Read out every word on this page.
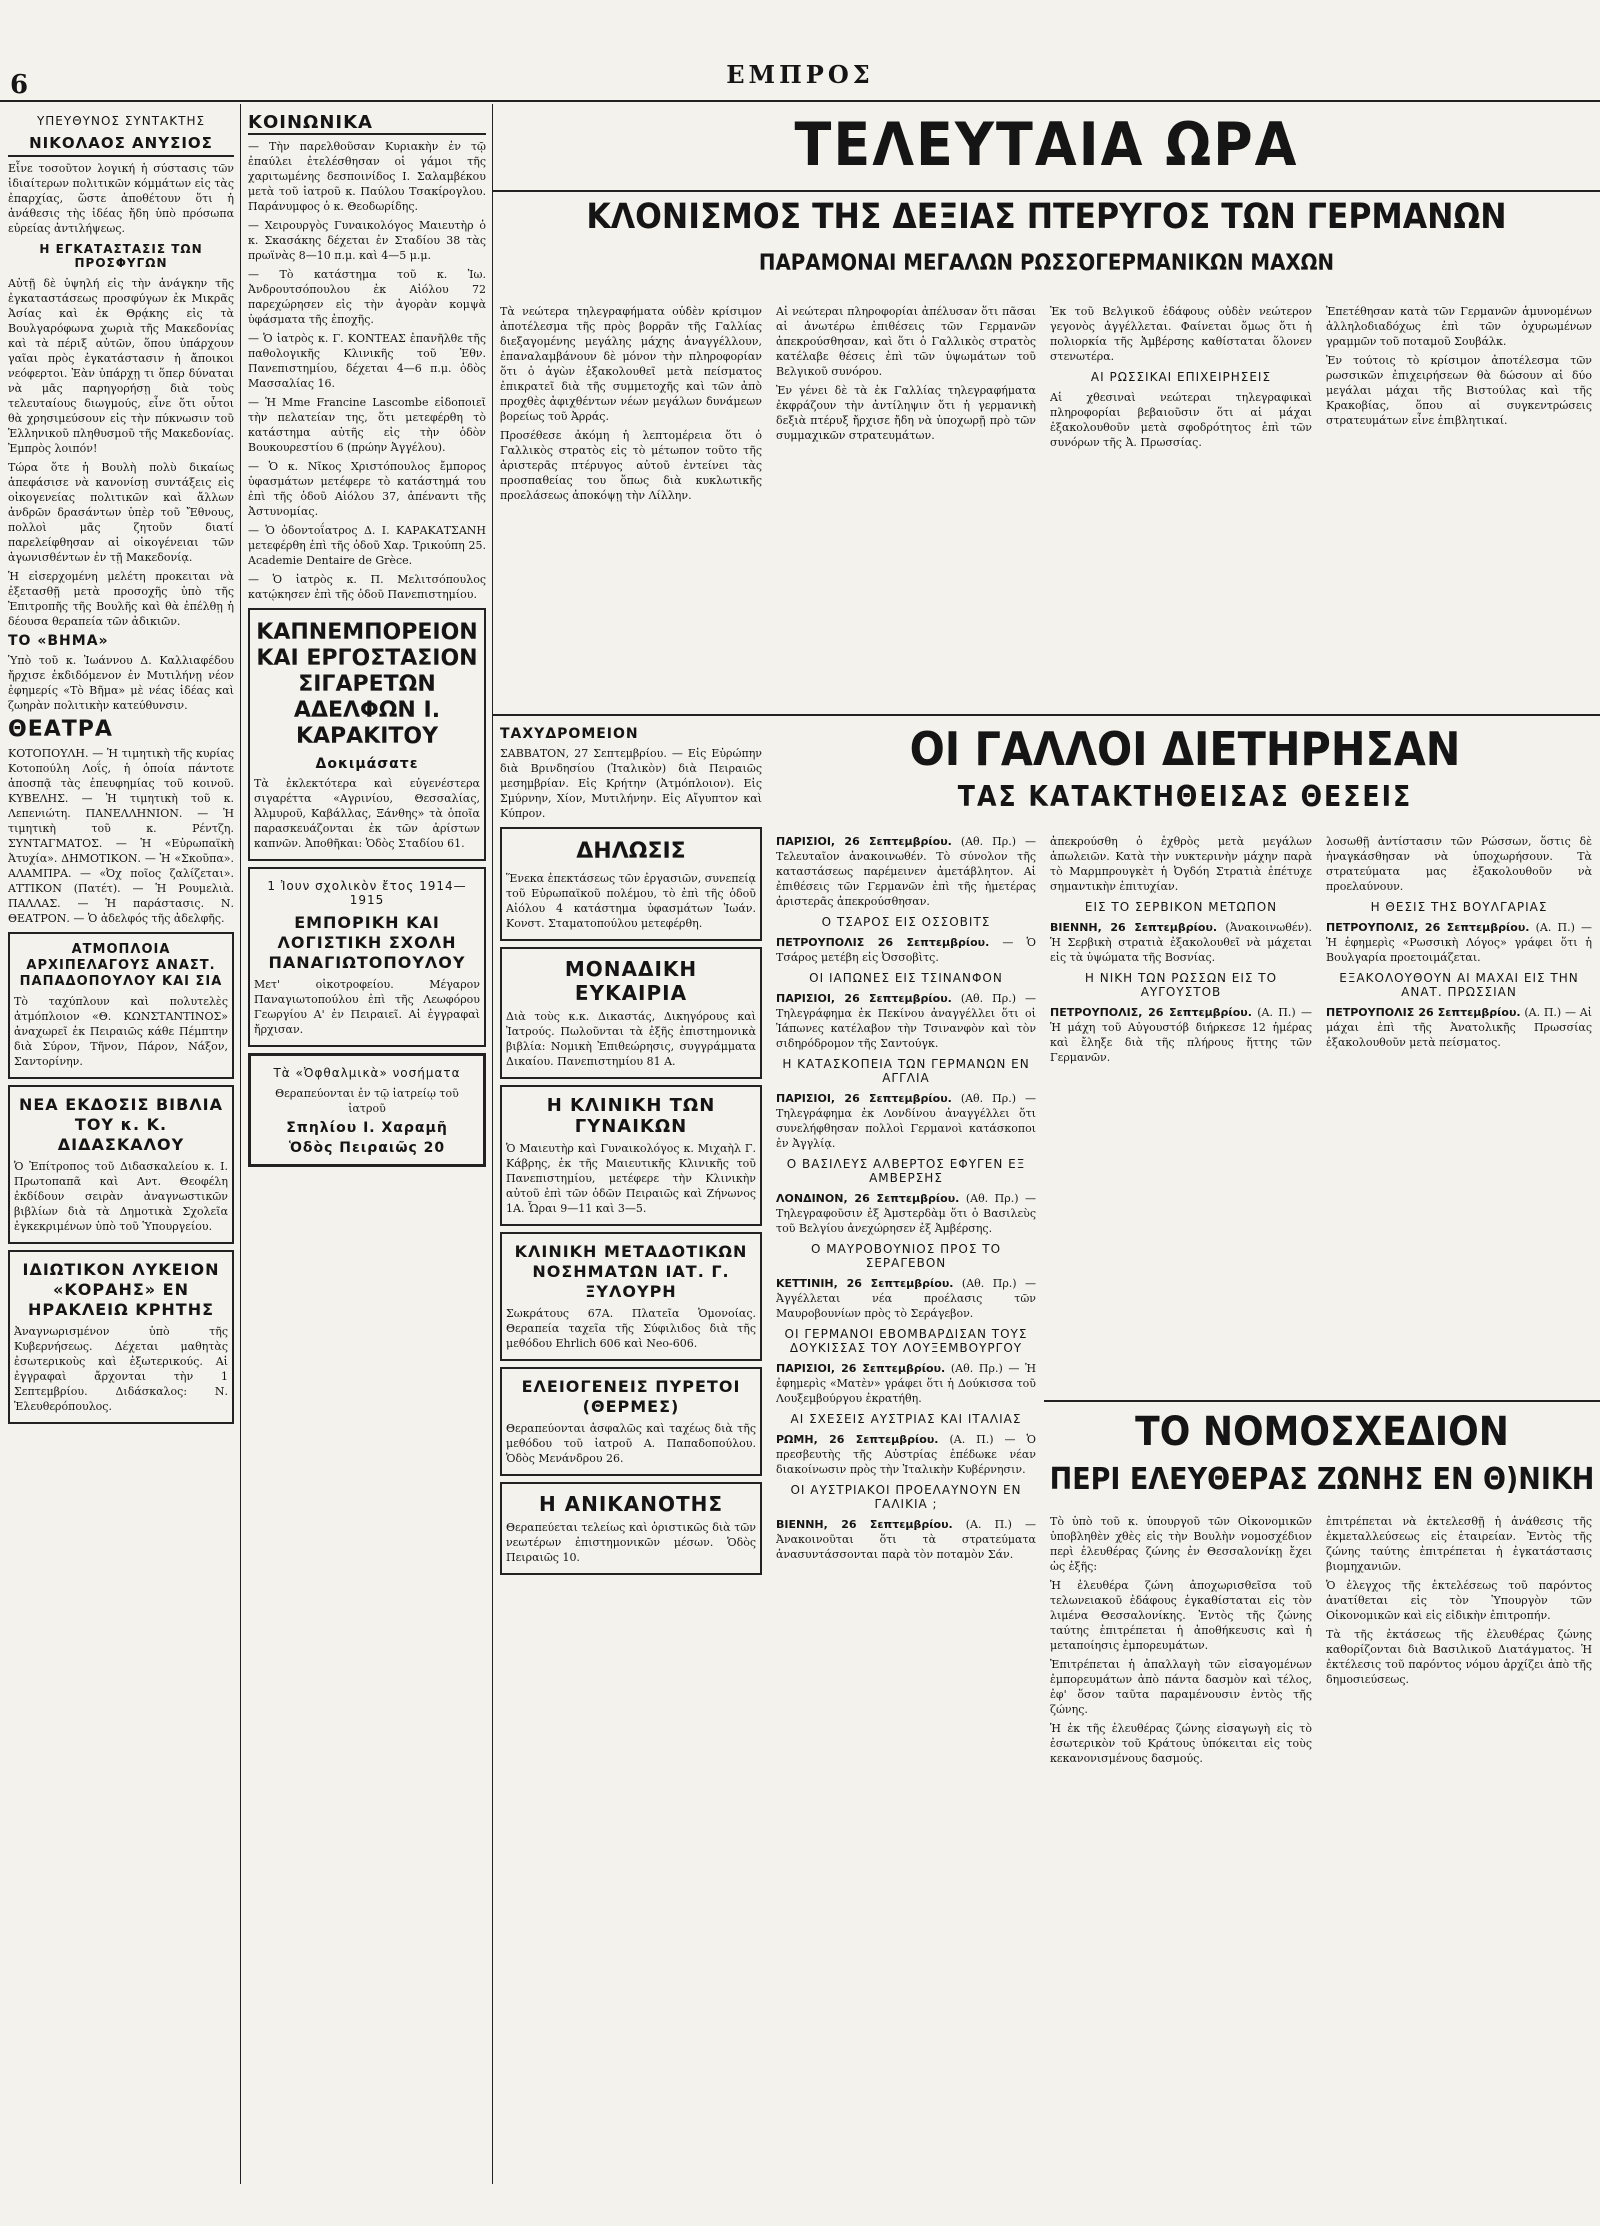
6	ΕΜΠΡΟΣ
ΥΠΕΥΘΥΝΟΣ ΣΥΝΤΑΚΤΗΣ
ΝΙΚΟΛΑΟΣ ΑΝΥΣΙΟΣ

Εἶνε τοσοῦτον λογική ἡ σύστασις τῶν ἰδιαίτερων πολιτικῶν κόμμάτων εἰς τὰς ἐπαρχίας, ὥστε ἀποθέτουν ὅτι ἡ ἀνάθεσις τὴς ἰδέας ἤδη ὑπὸ πρόσωπα εὐρείας ἀντιλήψεως.

Η ΕΓΚΑΤΑΣΤΑΣΙΣ ΤΩΝ ΠΡΟΣΦΥΓΩΝ

Αὐτῇ δὲ ὑψηλή εἰς τὴν ἀνάγκην τῆς ἐγκαταστάσεως προσφύγων ἐκ Μικρᾶς Ἀσίας καὶ ἐκ Θρᾴκης εἰς τὰ Βουλγαρόφωνα χωριὰ τῆς Μακεδονίας καὶ τὰ πέριξ αὐτῶν, ὅπου ὑπάρχουν γαῖαι πρὸς ἐγκατάστασιν ἡ ἄποικοι νεόφερτοι. Ἐὰν ὑπάρχῃ τι ὅπερ δύναται νὰ μᾶς παρηγορήσῃ διὰ τοὺς τελευταίους διωγμούς, εἶνε ὅτι οὗτοι θὰ χρησιμεύσουν εἰς τὴν πύκνωσιν τοῦ Ἑλληνικοῦ πληθυσμοῦ τῆς Μακεδονίας. Ἐμπρὸς λοιπόν!

Τώρα ὅτε ἡ Βουλὴ πολὺ δικαίως ἀπεφάσισε νὰ κανονίσῃ συντάξεις εἰς οἰκογενείας πολιτικῶν καὶ ἄλλων ἀνδρῶν δρασάντων ὑπὲρ τοῦ Ἔθνους, πολλοὶ μᾶς ζητοῦν διατί παρελείφθησαν αἱ οἰκογένειαι τῶν ἀγωνισθέντων ἐν τῇ Μακεδονίᾳ.

Ἡ εἰσερχομένη μελέτη προκειται νὰ ἐξετασθῇ μετὰ προσοχῆς ὑπὸ τῆς Ἐπιτροπῆς τῆς Βουλῆς καὶ θὰ ἐπέλθῃ ἡ δέουσα θεραπεία τῶν ἀδικιῶν.

ΤΟ «ΒΗΜΑ»

Ὑπὸ τοῦ κ. Ἰωάννου Δ. Καλλιαφέδου ἤρχισε ἐκδιδόμενον ἐν Μυτιλήνῃ νέον ἐφημερίς «Τὸ Βῆμα» μὲ νέας ἰδέας καὶ ζωηρὰν πολιτικὴν κατεύθυνσιν.

ΘΕΑΤΡΑ

ΚΟΤΟΠΟΥΛΗ. — Ἡ τιμητικὴ τῆς κυρίας Κοτοπούλη Λοΐς, ἡ ὁποία πάντοτε ἀποσπᾷ τὰς ἐπευφημίας τοῦ κοινοῦ. ΚΥΒΕΛΗΣ. — Ἡ τιμητικὴ τοῦ κ. Λεπενιώτη. ΠΑΝΕΛΛΗΝΙΟΝ. — Ἡ τιμητικὴ τοῦ κ. Ρέντζη. ΣΥΝΤΑΓΜΑΤΟΣ. — Ἡ «Εὐρωπαϊκὴ Ἀτυχία». ΔΗΜΟΤΙΚΟΝ. — Ἡ «Σκοῦπα». ΑΛΑΜΠΡΑ. — «Ὀχ ποῖος ζαλίζεται». ΑΤΤΙΚΟΝ (Πατέτ). — Ἡ Ρουμελιὰ. ΠΑΛΛΑΣ. — Ἡ παράστασις. Ν. ΘΕΑΤΡΟΝ. — Ὁ ἀδελφός τῆς ἀδελφῆς.

ΑΤΜΟΠΛΟΙΑ ΑΡΧΙΠΕΛΑΓΟΥΣ ΑΝΑΣΤ. ΠΑΠΑΔΟΠΟΥΛΟΥ ΚΑΙ ΣΙΑ

Τὸ ταχύπλουν καὶ πολυτελὲς ἀτμόπλοιον «Θ. ΚΩΝΣΤΑΝΤΙΝΟΣ» ἀναχωρεῖ ἐκ Πειραιῶς κάθε Πέμπτην διὰ Σύρον, Τῆνον, Πάρον, Νάξον, Σαντορίνην.

ΝΕΑ ΕΚΔΟΣΙΣ ΒΙΒΛΙΑ ΤΟΥ κ. Κ. ΔΙΔΑΣΚΑΛΟΥ

Ὁ Ἐπίτροπος τοῦ Διδασκαλείου κ. Ι. Πρωτοπαπᾶ καὶ Αντ. Θεοφέλη ἐκδίδουν σειρὰν ἀναγνωστικῶν βιβλίων διὰ τὰ Δημοτικὰ Σχολεῖα ἐγκεκριμένων ὑπὸ τοῦ Ὑπουργείου.

ΙΔΙΩΤΙΚΟΝ ΛΥΚΕΙΟΝ «ΚΟΡΑΗΣ» ΕΝ ΗΡΑΚΛΕΙΩ ΚΡΗΤΗΣ

Ἀναγνωρισμένον ὑπὸ τῆς Κυβερνήσεως. Δέχεται μαθητὰς ἐσωτερικοὺς καὶ ἐξωτερικούς. Αἱ ἐγγραφαὶ ἄρχονται τὴν 1 Σεπτεμβρίου. Διδάσκαλος: Ν. Ἐλευθερόπουλος.

ΚΟΙΝΩΝΙΚΑ

— Τὴν παρελθοῦσαν Κυριακὴν ἐν τῷ ἐπαύλει ἐτελέσθησαν οἱ γάμοι τῆς χαριτωμένης δεσποινίδος Ι. Σαλαμβέκου μετὰ τοῦ ἰατροῦ κ. Παύλου Τσακίρογλου. Παράνυμφος ὁ κ. Θεοδωρίδης.

— Χειρουργὸς Γυναικολόγος Μαιευτὴρ ὁ κ. Σκασάκης δέχεται ἐν Σταδίου 38 τὰς πρωϊνὰς 8—10 π.μ. καὶ 4—5 μ.μ.

— Τὸ κατάστημα τοῦ κ. Ἰω. Ἀνδρουτσόπουλου ἐκ Αἰόλου 72 παρεχώρησεν εἰς τὴν ἀγορὰν κομψὰ ὑφάσματα τῆς ἐποχῆς.

— Ὁ ἰατρὸς κ. Γ. ΚΟΝΤΕΑΣ ἐπανῆλθε τῆς παθολογικῆς Κλινικῆς τοῦ Ἐθν. Πανεπιστημίου, δέχεται 4—6 π.μ. ὁδὸς Μασσαλίας 16.

— Ἡ Mme Francine Lascombe εἰδοποιεῖ τὴν πελατείαν της, ὅτι μετεφέρθη τὸ κατάστημα αὐτῆς εἰς τὴν ὁδὸν Βουκουρεστίου 6 (πρώην Ἀγγέλου).

— Ὁ κ. Νῖκος Χριστόπουλος ἔμπορος ὑφασμάτων μετέφερε τὸ κατάστημά του ἐπὶ τῆς ὁδοῦ Αἰόλου 37, ἀπέναντι τῆς Ἀστυνομίας.

— Ὁ ὀδοντοΐατρος Δ. Ι. ΚΑΡΑΚΑΤΣΑΝΗ μετεφέρθη ἐπὶ τῆς ὁδοῦ Χαρ. Τρικούπη 25. Academie Dentaire de Grèce.

— Ὁ ἰατρὸς κ. Π. Μελιτσόπουλος κατῴκησεν ἐπὶ τῆς ὁδοῦ Πανεπιστημίου.

ΚΑΠΝΕΜΠΟΡΕΙΟΝ ΚΑΙ ΕΡΓΟΣΤΑΣΙΟΝ ΣΙΓΑΡΕΤΩΝ ΑΔΕΛΦΩΝ Ι. ΚΑΡΑΚΙΤΟΥ
Δοκιμάσατε

Τὰ ἐκλεκτότερα καὶ εὐγενέστερα σιγαρέττα «Αγρινίου, Θεσσαλίας, Ἀλμυροῦ, Καβάλλας, Ξάνθης» τὰ ὁποῖα παρασκευάζονται ἐκ τῶν ἀρίστων καπνῶν. Ἀποθῆκαι: Ὁδὸς Σταδίου 61.

1 Ἰουν σχολικὸν ἔτος 1914—1915
ΕΜΠΟΡΙΚΗ ΚΑΙ ΛΟΓΙΣΤΙΚΗ ΣΧΟΛΗ ΠΑΝΑΓΙΩΤΟΠΟΥΛΟΥ

Μετ' οἰκοτροφείου. Μέγαρον Παναγιωτοπούλου ἐπὶ τῆς Λεωφόρου Γεωργίου Α' ἐν Πειραιεῖ. Αἱ ἐγγραφαὶ ἤρχισαν.

Τὰ «Ὀφθαλμικὰ» νοσήματα

Θεραπεύονται ἐν τῷ ἰατρείῳ τοῦ ἰατροῦ

Σπηλίου Ι. Χαραμῆ
Ὁδὸς Πειραιῶς 20
ΤΕΛΕΥΤΑΙΑ ΩΡΑ
ΚΛΟΝΙΣΜΟΣ ΤΗΣ ΔΕΞΙΑΣ ΠΤΕΡΥΓΟΣ ΤΩΝ ΓΕΡΜΑΝΩΝ
ΠΑΡΑΜΟΝΑΙ ΜΕΓΑΛΩΝ ΡΩΣΣΟΓΕΡΜΑΝΙΚΩΝ ΜΑΧΩΝ

Τὰ νεώτερα τηλεγραφήματα οὐδὲν κρίσιμον ἀποτέλεσμα τῆς πρὸς βορρᾶν τῆς Γαλλίας διεξαγομένης μεγάλης μάχης ἀναγγέλλουν, ἐπαναλαμβάνουν δὲ μόνον τὴν πληροφορίαν ὅτι ὁ ἀγὼν ἐξακολουθεῖ μετὰ πείσματος ἐπικρατεῖ διὰ τῆς συμμετοχῆς καὶ τῶν ἀπὸ προχθὲς ἀφιχθέντων νέων μεγάλων δυνάμεων βορείως τοῦ Ἀρράς.

Προσέθεσε ἀκόμη ἡ λεπτομέρεια ὅτι ὁ Γαλλικὸς στρατὸς εἰς τὸ μέτωπον τοῦτο τῆς ἀριστερᾶς πτέρυγος αὐτοῦ ἐντείνει τὰς προσπαθείας του ὅπως διὰ κυκλωτικῆς προελάσεως ἀποκόψῃ τὴν Λίλλην.

Αἱ νεώτεραι πληροφορίαι ἀπέλυσαν ὅτι πᾶσαι αἱ ἀνωτέρω ἐπιθέσεις τῶν Γερμανῶν ἀπεκρούσθησαν, καὶ ὅτι ὁ Γαλλικὸς στρατὸς κατέλαβε θέσεις ἐπὶ τῶν ὑψωμάτων τοῦ Βελγικοῦ συνόρου.

Ἐν γένει δὲ τὰ ἐκ Γαλλίας τηλεγραφήματα ἐκφράζουν τὴν ἀντίληψιν ὅτι ἡ γερμανικὴ δεξιὰ πτέρυξ ἤρχισε ἤδη νὰ ὑποχωρῇ πρὸ τῶν συμμαχικῶν στρατευμάτων.

Ἐκ τοῦ Βελγικοῦ ἐδάφους οὐδὲν νεώτερον γεγονὸς ἀγγέλλεται. Φαίνεται ὅμως ὅτι ἡ πολιορκία τῆς Ἀμβέρσης καθίσταται ὅλονεν στενωτέρα.

ΑΙ ΡΩΣΣΙΚΑΙ ΕΠΙΧΕΙΡΗΣΕΙΣ

Αἱ χθεσιναὶ νεώτεραι τηλεγραφικαὶ πληροφορίαι βεβαιοῦσιν ὅτι αἱ μάχαι ἐξακολουθοῦν μετὰ σφοδρότητος ἐπὶ τῶν συνόρων τῆς Ἀ. Πρωσσίας.

Ἐπετέθησαν κατὰ τῶν Γερμανῶν ἁμυνομένων ἀλληλοδιαδόχως ἐπὶ τῶν ὀχυρωμένων γραμμῶν τοῦ ποταμοῦ Σουβάλκ.

Ἐν τούτοις τὸ κρίσιμον ἀποτέλεσμα τῶν ρωσσικῶν ἐπιχειρήσεων θὰ δώσουν αἱ δύο μεγάλαι μάχαι τῆς Βιστούλας καὶ τῆς Κρακοβίας, ὅπου αἱ συγκεντρώσεις στρατευμάτων εἶνε ἐπιβλητικαί.

ΤΑΧΥΔΡΟΜΕΙΟΝ

ΣΑΒΒΑΤΟΝ, 27 Σεπτεμβρίου. — Εἰς Εὐρώπην διὰ Βρινδησίου (Ἰταλικὸν) διὰ Πειραιῶς μεσημβρίαν. Εἰς Κρήτην (Ἀτμόπλοιον). Εἰς Σμύρνην, Χίον, Μυτιλήνην. Εἰς Αἴγυπτον καὶ Κύπρον.

ΔΗΛΩΣΙΣ

Ἕνεκα ἐπεκτάσεως τῶν ἐργασιῶν, συνεπείᾳ τοῦ Εὐρωπαϊκοῦ πολέμου, τὸ ἐπὶ τῆς ὁδοῦ Αἰόλου 4 κατάστημα ὑφασμάτων Ἰωάν. Κονστ. Σταματοπούλου μετεφέρθη.

ΜΟΝΑΔΙΚΗ ΕΥΚΑΙΡΙΑ

Διὰ τοὺς κ.κ. Δικαστάς, Δικηγόρους καὶ Ἰατρούς. Πωλοῦνται τὰ ἐξῆς ἐπιστημονικὰ βιβλία: Νομικὴ Ἐπιθεώρησις, συγγράμματα Δικαίου. Πανεπιστημίου 81 Α.

Η ΚΛΙΝΙΚΗ ΤΩΝ ΓΥΝΑΙΚΩΝ

Ὁ Μαιευτὴρ καὶ Γυναικολόγος κ. Μιχαὴλ Γ. Κάβρης, ἐκ τῆς Μαιευτικῆς Κλινικῆς τοῦ Πανεπιστημίου, μετέφερε τὴν Κλινικὴν αὐτοῦ ἐπὶ τῶν ὁδῶν Πειραιῶς καὶ Ζήνωνος 1Α. Ὧραι 9—11 καὶ 3—5.

ΚΛΙΝΙΚΗ ΜΕΤΑΔΟΤΙΚΩΝ ΝΟΣΗΜΑΤΩΝ ΙΑΤ. Γ. ΞΥΛΟΥΡΗ

Σωκράτους 67Α. Πλατεῖα Ὁμονοίας. Θεραπεία ταχεῖα τῆς Σύφιλιδος διὰ τῆς μεθόδου Ehrlich 606 καὶ Neo-606.

ΕΛΕΙΟΓΕΝΕΙΣ ΠΥΡΕΤΟΙ (ΘΕΡΜΕΣ)

Θεραπεύονται ἀσφαλῶς καὶ ταχέως διὰ τῆς μεθόδου τοῦ ἰατροῦ Α. Παπαδοπούλου. Ὁδὸς Μενάνδρου 26.

Η ΑΝΙΚΑΝΟΤΗΣ

Θεραπεύεται τελείως καὶ ὁριστικῶς διὰ τῶν νεωτέρων ἐπιστημονικῶν μέσων. Ὁδὸς Πειραιῶς 10.

ΟΙ ΓΑΛΛΟΙ ΔΙΕΤΗΡΗΣΑΝ
ΤΑΣ ΚΑΤΑΚΤΗΘΕΙΣΑΣ ΘΕΣΕΙΣ

ΠΑΡΙΣΙΟΙ, 26 Σεπτεμβρίου. (Αθ. Πρ.) — Τελευταῖον ἀνακοινωθέν. Τὸ σύνολον τῆς καταστάσεως παρέμεινεν ἀμετάβλητον. Αἱ ἐπιθέσεις τῶν Γερμανῶν ἐπὶ τῆς ἡμετέρας ἀριστερᾶς ἀπεκρούσθησαν.

Ο ΤΣΑΡΟΣ ΕΙΣ ΟΣΣΟΒΙΤΣ

ΠΕΤΡΟΥΠΟΛΙΣ 26 Σεπτεμβρίου. — Ὁ Τσάρος μετέβη εἰς Ὀσσοβὶτς.

ΟΙ ΙΑΠΩΝΕΣ ΕΙΣ ΤΣΙΝΑΝΦΟΝ

ΠΑΡΙΣΙΟΙ, 26 Σεπτεμβρίου. (Αθ. Πρ.) — Τηλεγράφημα ἐκ Πεκίνου ἀναγγέλλει ὅτι οἱ Ἰάπωνες κατέλαβον τὴν Τσινανφὸν καὶ τὸν σιδηρόδρομον τῆς Σαντούγκ.

Η ΚΑΤΑΣΚΟΠΕΙΑ ΤΩΝ ΓΕΡΜΑΝΩΝ ΕΝ ΑΓΓΛΙΑ

ΠΑΡΙΣΙΟΙ, 26 Σεπτεμβρίου. (Αθ. Πρ.) — Τηλεγράφημα ἐκ Λονδίνου ἀναγγέλλει ὅτι συνελήφθησαν πολλοὶ Γερμανοὶ κατάσκοποι ἐν Ἀγγλίᾳ.

Ο ΒΑΣΙΛΕΥΣ ΑΛΒΕΡΤΟΣ ΕΦΥΓΕΝ ΕΞ ΑΜΒΕΡΣΗΣ

ΛΟΝΔΙΝΟΝ, 26 Σεπτεμβρίου. (Αθ. Πρ.) — Τηλεγραφοῦσιν ἐξ Ἀμστερδὰμ ὅτι ὁ Βασιλεὺς τοῦ Βελγίου ἀνεχώρησεν ἐξ Ἀμβέρσης.

Ο ΜΑΥΡΟΒΟΥΝΙΟΣ ΠΡΟΣ ΤΟ ΣΕΡΑΓΕΒΟΝ

ΚΕΤΤΙΝΙΗ, 26 Σεπτεμβρίου. (Αθ. Πρ.) — Ἀγγέλλεται νέα προέλασις τῶν Μαυροβουνίων πρὸς τὸ Σεράγεβον.

ΟΙ ΓΕΡΜΑΝΟΙ ΕΒΟΜΒΑΡΔΙΣΑΝ ΤΟΥΣ ΔΟΥΚΙΣΣΑΣ ΤΟΥ ΛΟΥΞΕΜΒΟΥΡΓΟΥ

ΠΑΡΙΣΙΟΙ, 26 Σεπτεμβρίου. (Αθ. Πρ.) — Ἡ ἐφημερὶς «Ματὲν» γράφει ὅτι ἡ Δούκισσα τοῦ Λουξεμβούργου ἐκρατήθη.

ΑΙ ΣΧΕΣΕΙΣ ΑΥΣΤΡΙΑΣ ΚΑΙ ΙΤΑΛΙΑΣ

ΡΩΜΗ, 26 Σεπτεμβρίου. (Α. Π.) — Ὁ πρεσβευτὴς τῆς Αὐστρίας ἐπέδωκε νέαν διακοίνωσιν πρὸς τὴν Ἰταλικὴν Κυβέρνησιν.

ΟΙ ΑΥΣΤΡΙΑΚΟΙ ΠΡΟΕΛΑΥΝΟΥΝ ΕΝ ΓΑΛΙΚΙΑ ;

ΒΙΕΝΝΗ, 26 Σεπτεμβρίου. (Α. Π.) — Ἀνακοινοῦται ὅτι τὰ στρατεύματα ἀνασυντάσσονται παρὰ τὸν ποταμὸν Σάν.

ἀπεκρούσθη ὁ ἐχθρὸς μετὰ μεγάλων ἀπωλειῶν. Κατὰ τὴν νυκτερινὴν μάχην παρὰ τὸ Μαρμπρουγκὲτ ἡ Ὀγδόη Στρατιὰ ἐπέτυχε σημαντικὴν ἐπιτυχίαν.

ΕΙΣ ΤΟ ΣΕΡΒΙΚΟΝ ΜΕΤΩΠΟΝ

ΒΙΕΝΝΗ, 26 Σεπτεμβρίου. (Ἀνακοινωθέν). Ἡ Σερβικὴ στρατιὰ ἐξακολουθεῖ νὰ μάχεται εἰς τὰ ὑψώματα τῆς Βοσνίας.

Η ΝΙΚΗ ΤΩΝ ΡΩΣΣΩΝ ΕΙΣ ΤΟ ΑΥΓΟΥΣΤΟΒ

ΠΕΤΡΟΥΠΟΛΙΣ, 26 Σεπτεμβρίου. (Α. Π.) — Ἡ μάχη τοῦ Αὐγουστόβ διήρκεσε 12 ἡμέρας καὶ ἔληξε διὰ τῆς πλήρους ἥττης τῶν Γερμανῶν.

λοσωθῇ ἀντίστασιν τῶν Ρώσσων, ὅστις δὲ ἠναγκάσθησαν νὰ ὑποχωρήσουν. Τὰ στρατεύματα μας ἐξακολουθοῦν νὰ προελαύνουν.

Η ΘΕΣΙΣ ΤΗΣ ΒΟΥΛΓΑΡΙΑΣ

ΠΕΤΡΟΥΠΟΛΙΣ, 26 Σεπτεμβρίου. (Α. Π.) — Ἡ ἐφημερὶς «Ρωσσικὴ Λόγος» γράφει ὅτι ἡ Βουλγαρία προετοιμάζεται.

ΕΞΑΚΟΛΟΥΘΟΥΝ ΑΙ ΜΑΧΑΙ ΕΙΣ ΤΗΝ ΑΝΑΤ. ΠΡΩΣΣΙΑΝ

ΠΕΤΡΟΥΠΟΛΙΣ 26 Σεπτεμβρίου. (Α. Π.) — Αἱ μάχαι ἐπὶ τῆς Ἀνατολικῆς Πρωσσίας ἐξακολουθοῦν μετὰ πείσματος.

ΤΟ ΝΟΜΟΣΧΕΔΙΟΝ
ΠΕΡΙ ΕΛΕΥΘΕΡΑΣ ΖΩΝΗΣ ΕΝ Θ)ΝΙΚΗ

Τὸ ὑπὸ τοῦ κ. ὑπουργοῦ τῶν Οἰκονομικῶν ὑποβληθὲν χθὲς εἰς τὴν Βουλὴν νομοσχέδιον περὶ ἐλευθέρας ζώνης ἐν Θεσσαλονίκῃ ἔχει ὡς ἑξῆς:

Ἡ ἐλευθέρα ζώνη ἀποχωρισθεῖσα τοῦ τελωνειακοῦ ἐδάφους ἐγκαθίσταται εἰς τὸν λιμένα Θεσσαλονίκης. Ἐντὸς τῆς ζώνης ταύτης ἐπιτρέπεται ἡ ἀποθήκευσις καὶ ἡ μεταποίησις ἐμπορευμάτων.

Ἐπιτρέπεται ἡ ἀπαλλαγὴ τῶν εἰσαγομένων ἐμπορευμάτων ἀπὸ πάντα δασμὸν καὶ τέλος, ἐφ' ὅσον ταῦτα παραμένουσιν ἐντὸς τῆς ζώνης.

Ἡ ἐκ τῆς ἐλευθέρας ζώνης εἰσαγωγὴ εἰς τὸ ἐσωτερικὸν τοῦ Κράτους ὑπόκειται εἰς τοὺς κεκανονισμένους δασμούς.

ἐπιτρέπεται νὰ ἐκτελεσθῇ ἡ ἀνάθεσις τῆς ἐκμεταλλεύσεως εἰς ἑταιρείαν. Ἐντὸς τῆς ζώνης ταύτης ἐπιτρέπεται ἡ ἐγκατάστασις βιομηχανιῶν.

Ὁ ἐλεγχος τῆς ἐκτελέσεως τοῦ παρόντος ἀνατίθεται εἰς τὸν Ὑπουργὸν τῶν Οἰκονομικῶν καὶ εἰς εἰδικὴν ἐπιτροπήν.

Τὰ τῆς ἐκτάσεως τῆς ἐλευθέρας ζώνης καθορίζονται διὰ Βασιλικοῦ Διατάγματος. Ἡ ἐκτέλεσις τοῦ παρόντος νόμου ἀρχίζει ἀπὸ τῆς δημοσιεύσεως.
